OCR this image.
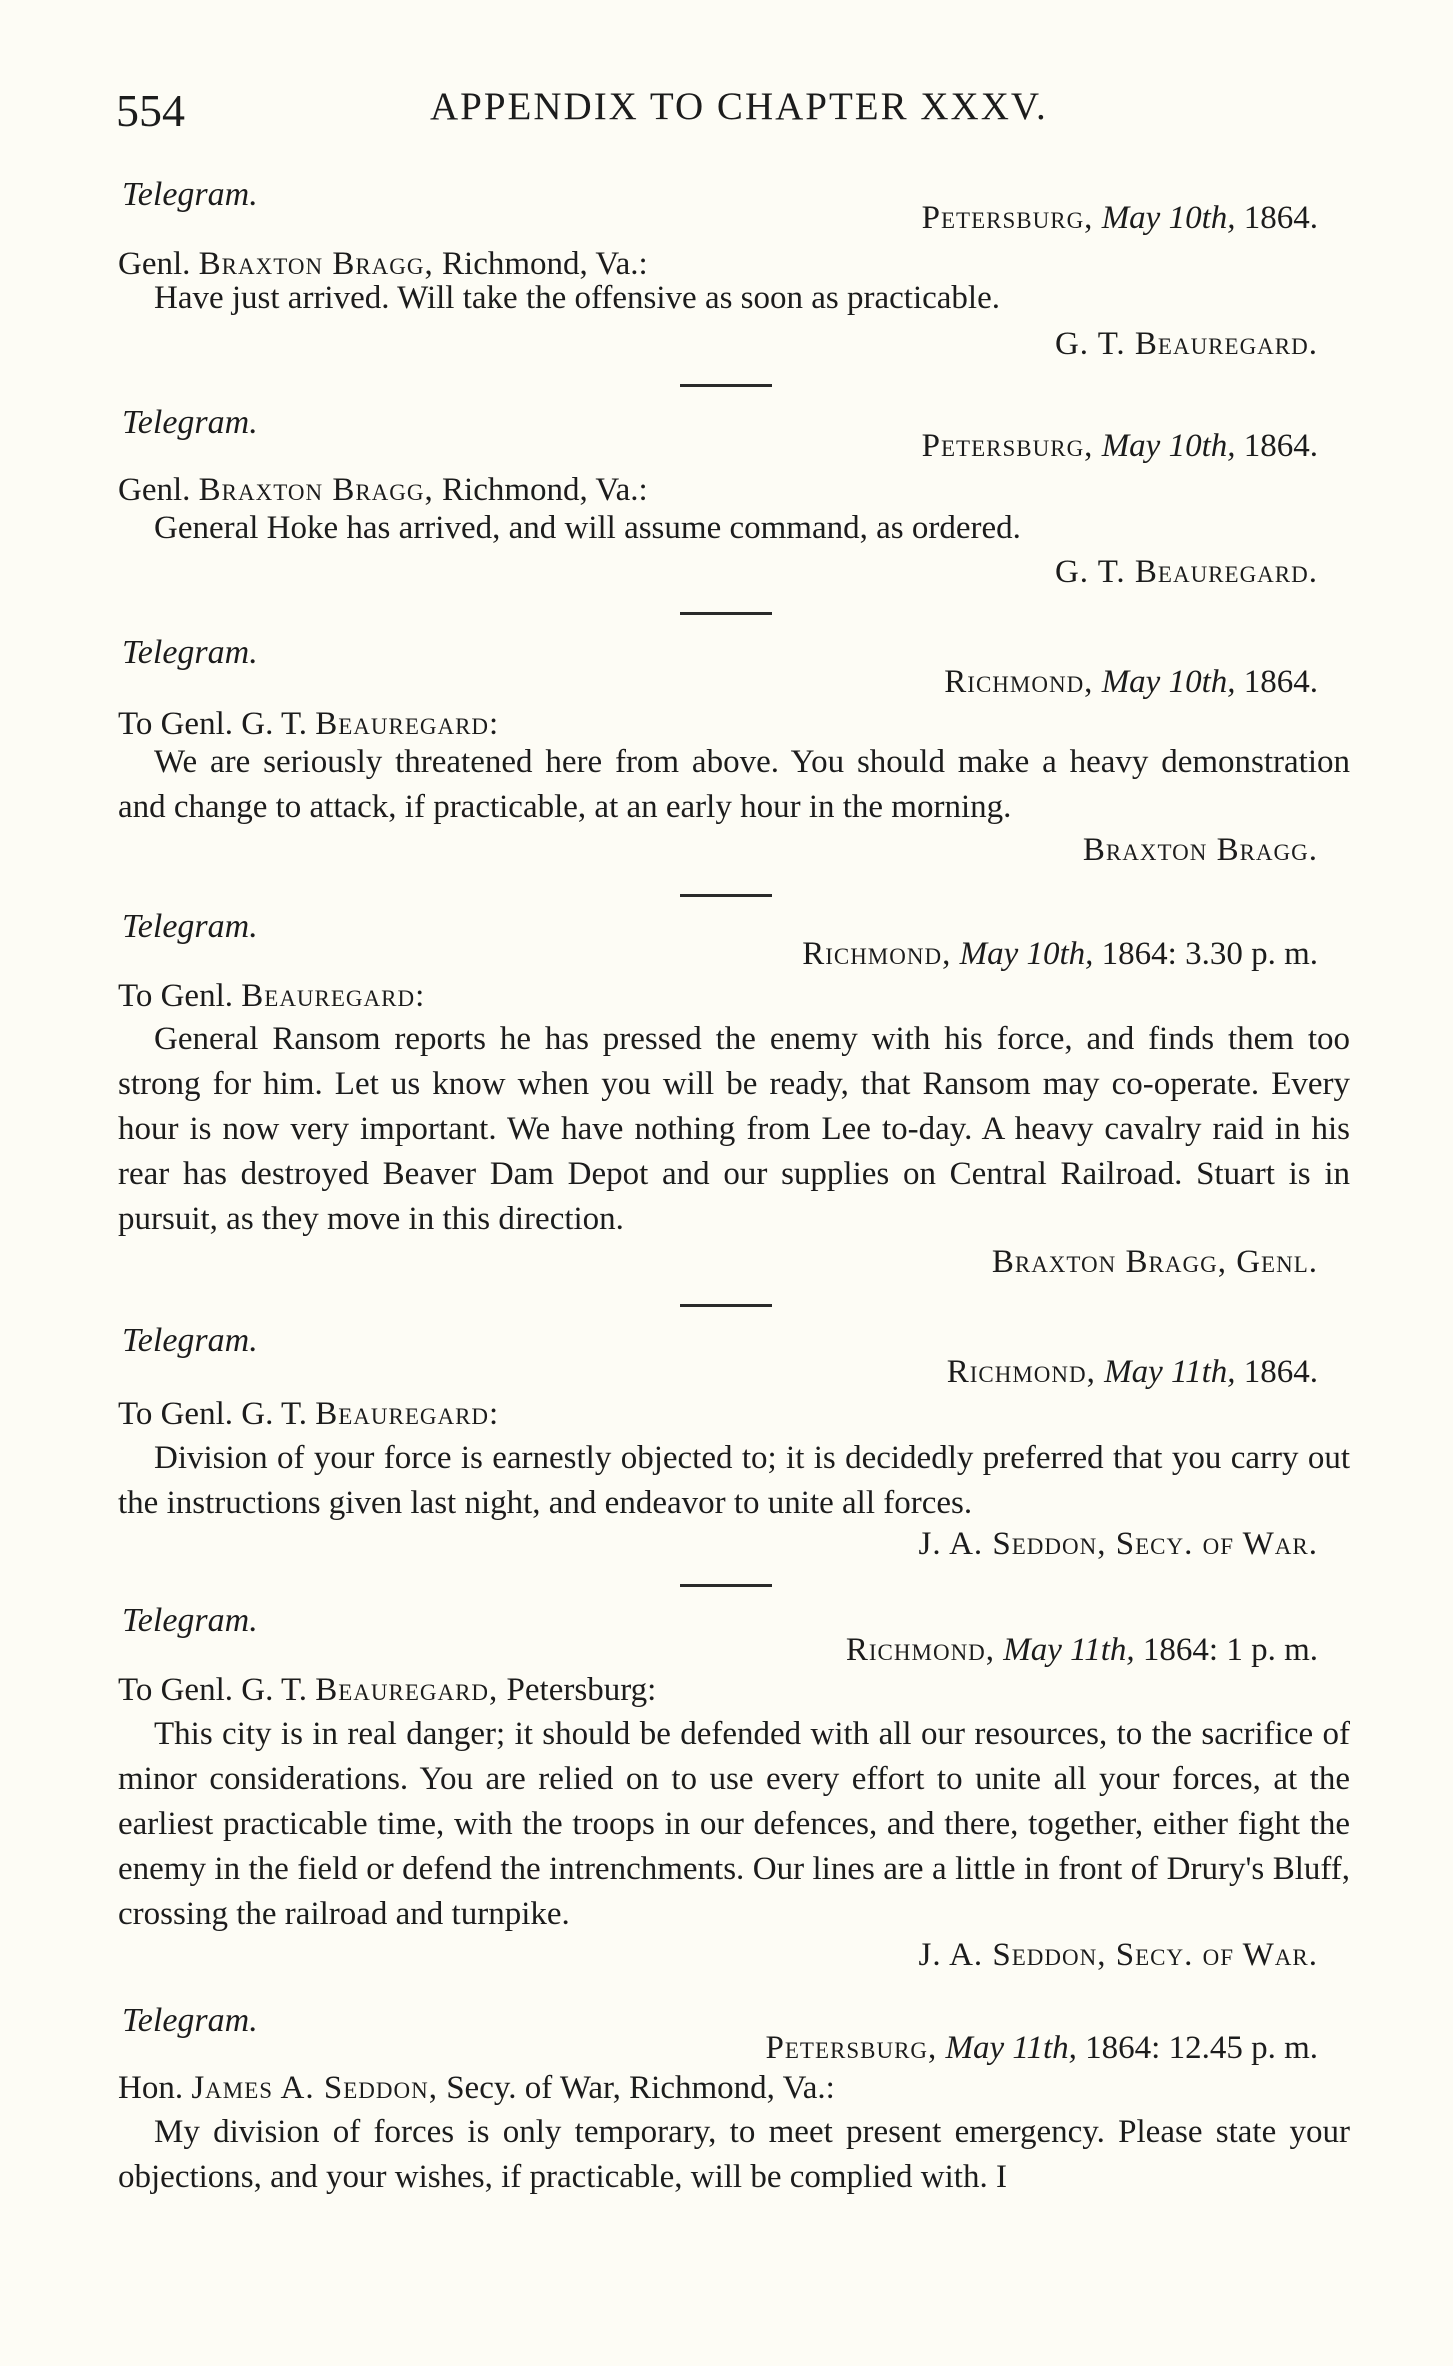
554	APPENDIX TO CHAPTER XXXV.
Telegram.
Petersburg, May 10th, 1864.
Genl. Braxton Bragg, Richmond, Va.:

Have just arrived. Will take the offensive as soon as practicable.

G. T. Beauregard.
Telegram.
Petersburg, May 10th, 1864.
Genl. Braxton Bragg, Richmond, Va.:

General Hoke has arrived, and will assume command, as ordered.

G. T. Beauregard.
Telegram.
Richmond, May 10th, 1864.
To Genl. G. T. Beauregard:

We are seriously threatened here from above. You should make a heavy demonstration and change to attack, if practicable, at an early hour in the morning.

Braxton Bragg.
Telegram.
Richmond, May 10th, 1864: 3.30 p. m.
To Genl. Beauregard:

General Ransom reports he has pressed the enemy with his force, and finds them too strong for him. Let us know when you will be ready, that Ransom may co-operate. Every hour is now very important. We have nothing from Lee to-day. A heavy cavalry raid in his rear has destroyed Beaver Dam Depot and our supplies on Central Railroad. Stuart is in pursuit, as they move in this direction.

Braxton Bragg, Genl.
Telegram.
Richmond, May 11th, 1864.
To Genl. G. T. Beauregard:

Division of your force is earnestly objected to; it is decidedly preferred that you carry out the instructions given last night, and endeavor to unite all forces.

J. A. Seddon, Secy. of War.
Telegram.
Richmond, May 11th, 1864: 1 p. m.
To Genl. G. T. Beauregard, Petersburg:

This city is in real danger; it should be defended with all our resources, to the sacrifice of minor considerations. You are relied on to use every effort to unite all your forces, at the earliest practicable time, with the troops in our defences, and there, together, either fight the enemy in the field or defend the intrenchments. Our lines are a little in front of Drury's Bluff, crossing the railroad and turnpike.

J. A. Seddon, Secy. of War.
Telegram.
Petersburg, May 11th, 1864: 12.45 p. m.
Hon. James A. Seddon, Secy. of War, Richmond, Va.:

My division of forces is only temporary, to meet present emergency. Please state your objections, and your wishes, if practicable, will be complied with. I
